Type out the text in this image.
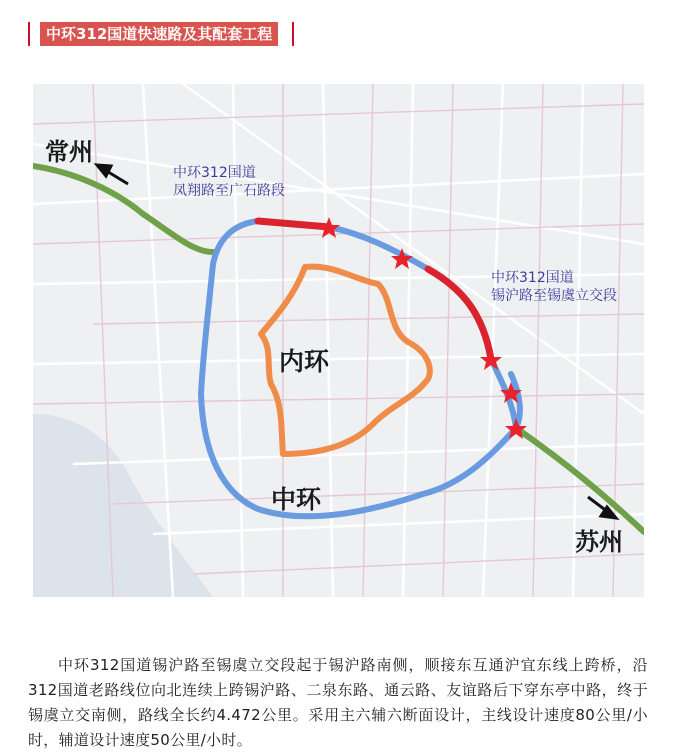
中环312国道快速路及其配套工程
常州
苏州
内环
中环
中环312国道
凤翔路至广石路段
中环312国道
锡沪路至锡虞立交段

中环312国道锡沪路至锡虞立交段起于锡沪路南侧，顺接东互通沪宜东线上跨桥，沿312国道老路线位向北连续上跨锡沪路、二泉东路、通云路、友谊路后下穿东亭中路，终于锡虞立交南侧，路线全长约4.472公里。采用主六辅六断面设计，主线设计速度80公里/小时，辅道设计速度50公里/小时。
